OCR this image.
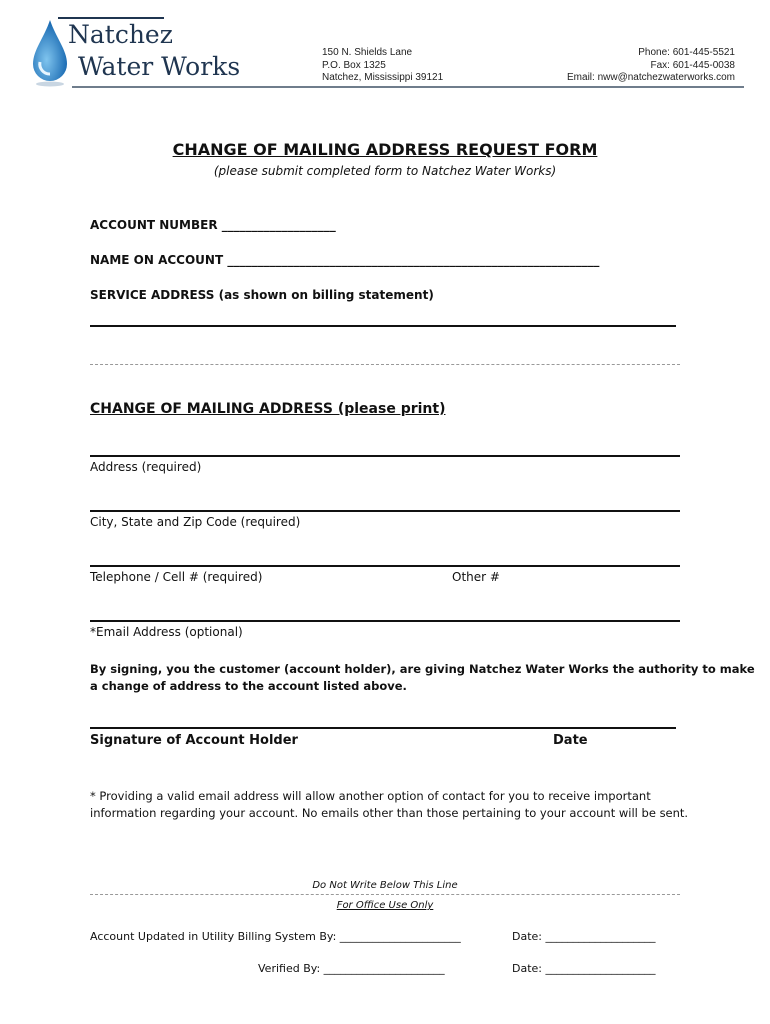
Natchez
Water Works	150 N. Shields Lane
P.O. Box 1325
Natchez, Mississippi 39121
Phone: 601-445-5521
Fax: 601-445-0038
Email: nww@natchezwaterworks.com
CHANGE OF MAILING ADDRESS REQUEST FORM
(please submit completed form to Natchez Water Works)
ACCOUNT NUMBER ___________________
NAME ON ACCOUNT ______________________________________________________________
SERVICE ADDRESS (as shown on billing statement)
CHANGE OF MAILING ADDRESS (please print)
Address (required)
City, State and Zip Code (required)
Telephone / Cell # (required)	Other #
*Email Address (optional)
By signing, you the customer (account holder), are giving Natchez Water Works the authority to make
a change of address to the account listed above.
Signature of Account Holder	Date
* Providing a valid email address will allow another option of contact for you to receive important
information regarding your account. No emails other than those pertaining to your account will be sent.
Do Not Write Below This Line
For Office Use Only
Account Updated in Utility Billing System By: ______________________	Date: ____________________
Verified By: ______________________	Date: ____________________
